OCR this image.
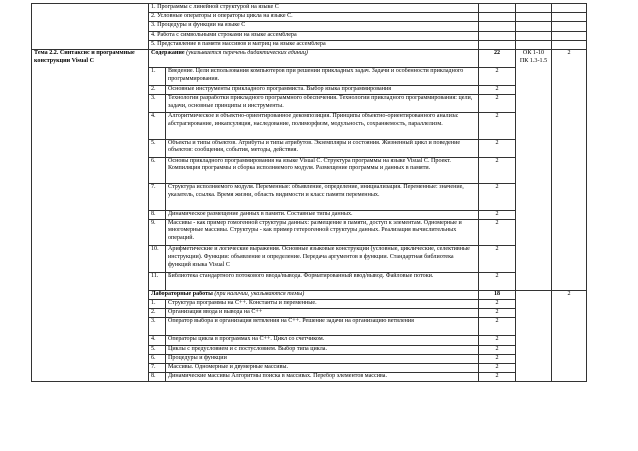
	1. Программы с линейной структурой на языке С				
	2. Условные операторы и операторы цикла на языке С.				
	3. Процедуры и функции на языке С				
	4. Работа с символьными строками на языке ассемблера				
	5. Представление в памяти массивов и матриц на языке ассемблера				
Тема 2.2. Синтаксис и программные конструкции Visual С	Содержание (указывается перечень дидактических единиц)		22	ОК 1-10 ПК 1.3-1.5	2
	1.	Введение. Цели использования компьютеров при решении прикладных задач. Задачи и особенности прикладного программирования.	2		
	2.	Основные инструменты прикладного программиста. Выбор языка программирования	2		
	3.	Технологии разработки прикладного программного обеспечения. Технологии прикладного программирования: цели, задачи, основные принципы и инструменты.	2		
	4.	Алгоритмическое и объектно-ориентированное декомпозиция. Принципы объектно-ориентированного анализа: абстрагирование, инкапсуляция, наследование, полиморфизм, модульность, сохраняемость, параллелизм.	2		
	5.	Объекты и типы объектов. Атрибуты и типы атрибутов. Экземпляры и состояния. Жизненный цикл и поведение объектов: сообщения, события, методы, действия.	2		
	6.	Основы прикладного программирования на языке Visual C. Структура программы на языке Visual C. Проект. Компиляция программы и сборка исполняемого модуля. Размещение программы и данных в памяти.	2		
	7.	Структура исполняемого модуля. Переменные: объявление, определение, инициализация. Переменные: значение, указатель, ссылка. Время жизни, область видимости и класс памяти переменных.	2		
	8.	Динамическое размещение данных в памяти. Составные типы данных.	2		
	9.	Массивы - как пример гомогенной структуры данных: размещение в памяти, доступ к элементам. Одномерные и многомерные массивы. Структуры - как пример гетерогенной структуры данных. Реализация вычислительных операций.	2		
	10.	Арифметические и логические выражения. Основные языковые конструкции (условные, циклические, селективные инструкции). Функции: объявление и определение. Передача аргументов в функции. Стандартная библиотека функций языка Visual C	2		
	11.	Библиотека стандартного потокового ввода/вывода. Форматированный ввод/вывод. Файловые потоки.	2		
	Лабораторные работы (при наличии, указываются темы)		18		2
	1.	Структура программы на С++. Константы и переменные.	2		
	2.	Организация ввода и вывода на С++	2		
	3.	Оператор выбора и организация ветвления на С++. Решение задачи на организацию ветвления	2		
	4.	Операторы цикла в программах на С++. Цикл со счетчиком.	2		
	5.	Циклы с предусловием и с постусловием. Выбор типа цикла.	2		
	6.	Процедуры и функции	2		
	7.	Массивы. Одномерные и двумерные массивы.	2		
	8.	Динамические массивы Алгоритмы поиска в массивах. Перебор элементов массива.	2		
